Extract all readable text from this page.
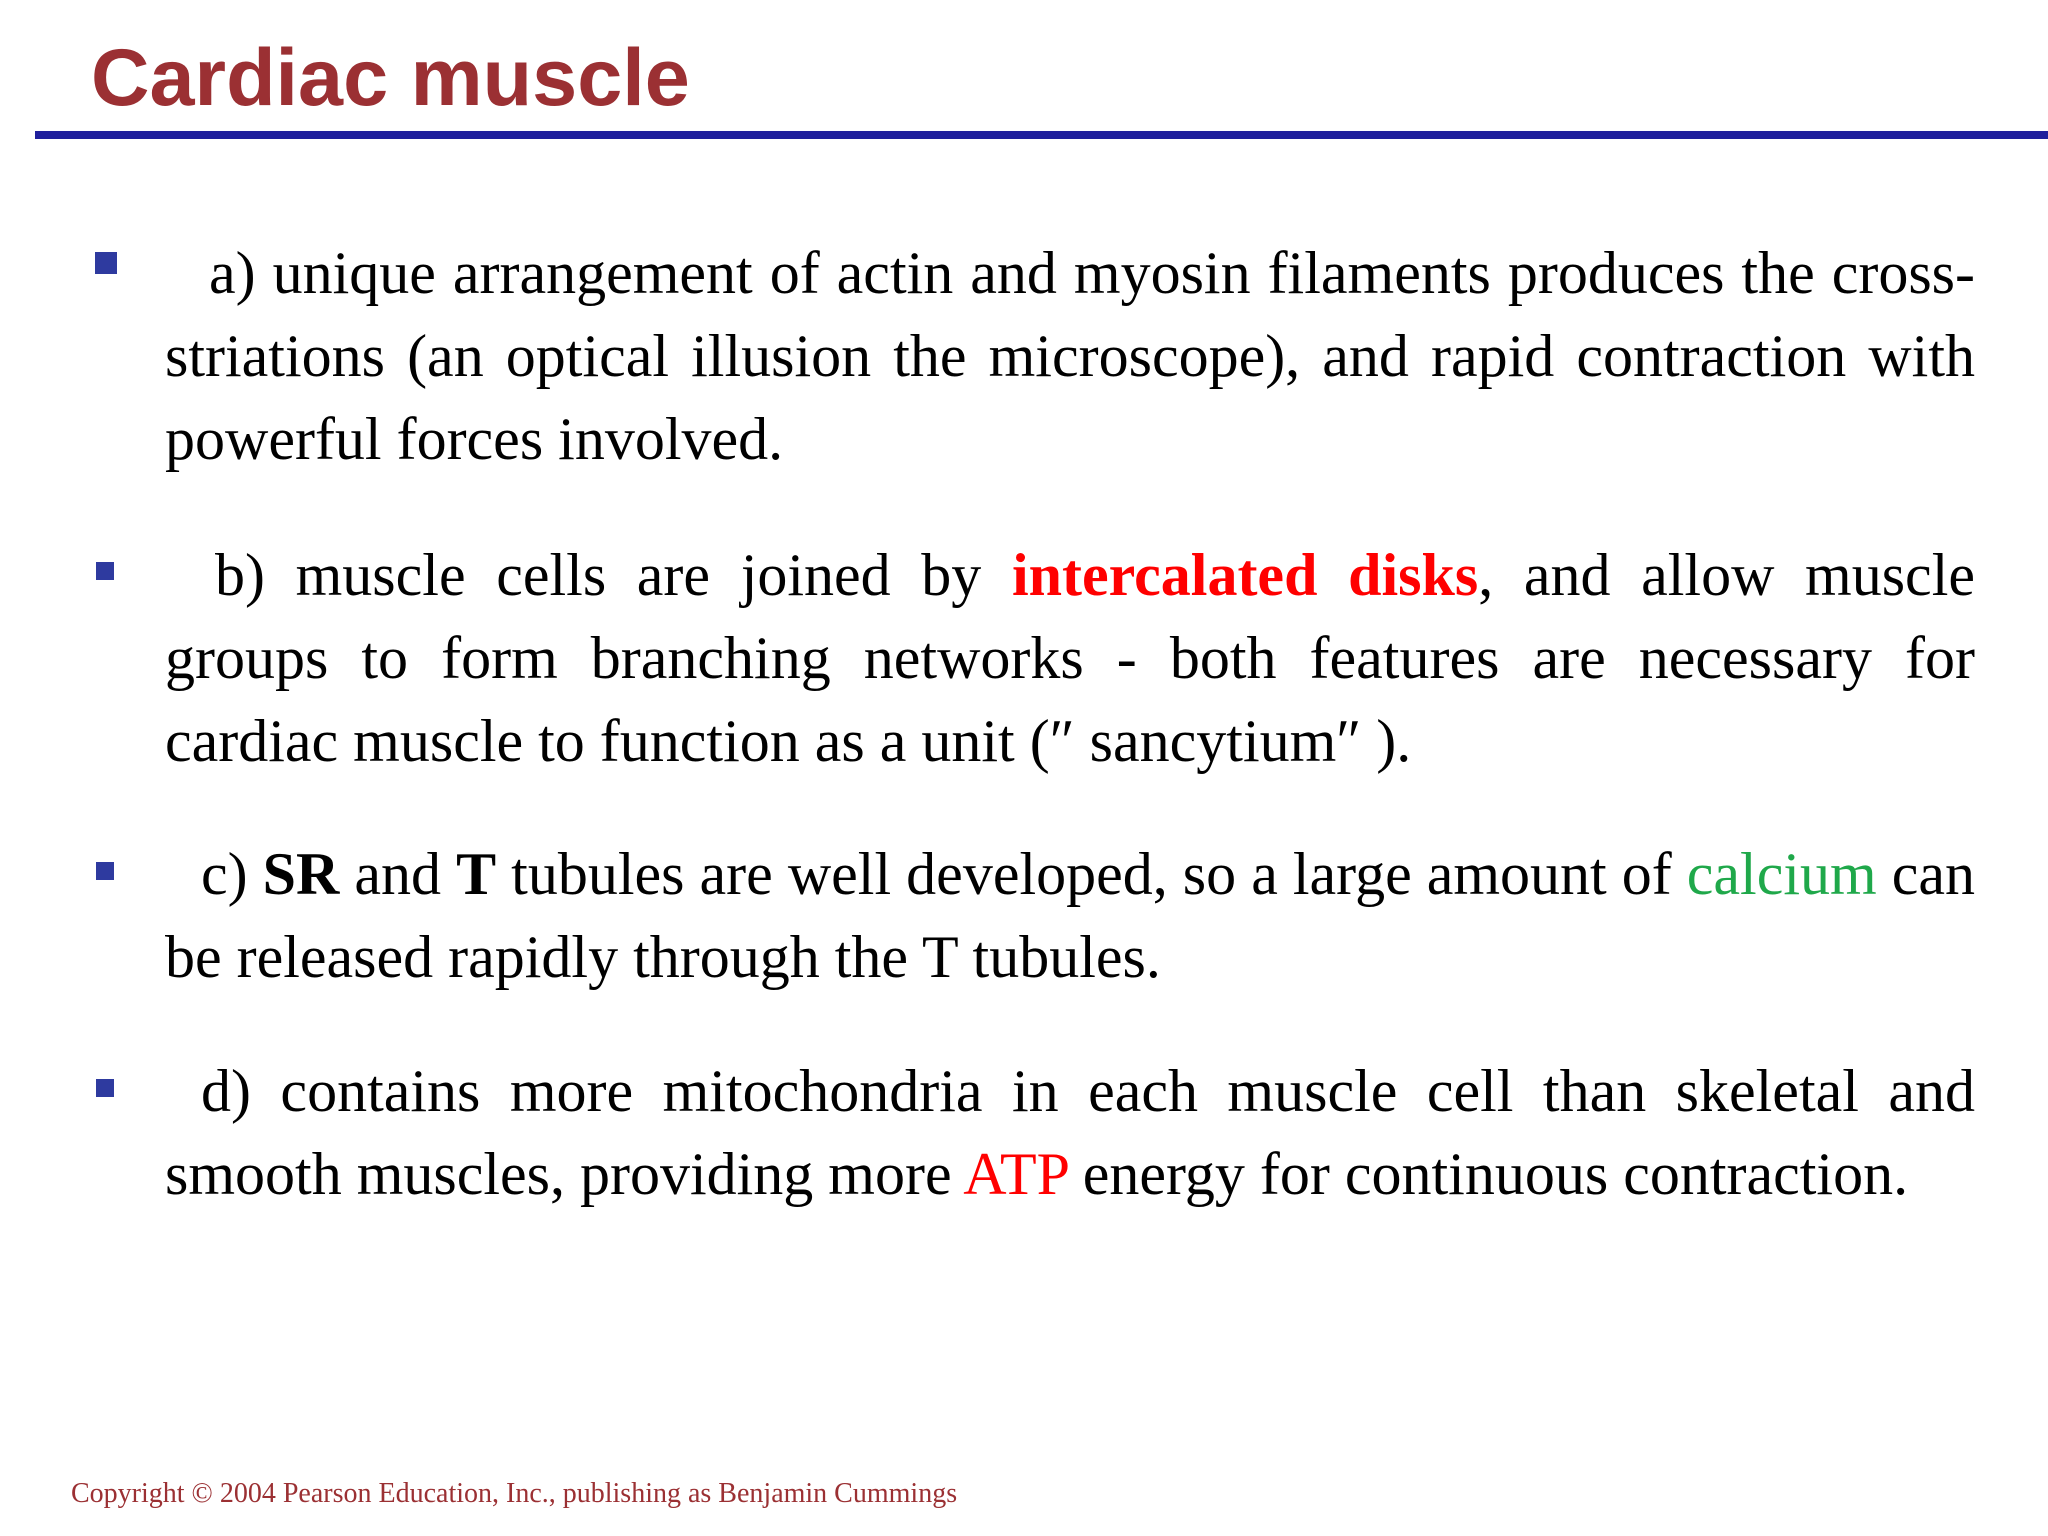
Cardiac muscle
a) unique arrangement of actin and myosin filaments produces the cross- striations (an optical illusion the microscope), and rapid contraction with powerful forces involved.
b) muscle cells are joined by intercalated disks, and allow muscle groups to form branching networks - both features are necessary for cardiac muscle to function as a unit (″ sancytium″ ).
c) SR and T tubules are well developed, so a large amount of calcium can be released rapidly through the T tubules.
d) contains more mitochondria in each muscle cell than skeletal and smooth muscles, providing more ATP energy for continuous contraction.
Copyright © 2004 Pearson Education, Inc., publishing as Benjamin Cummings
